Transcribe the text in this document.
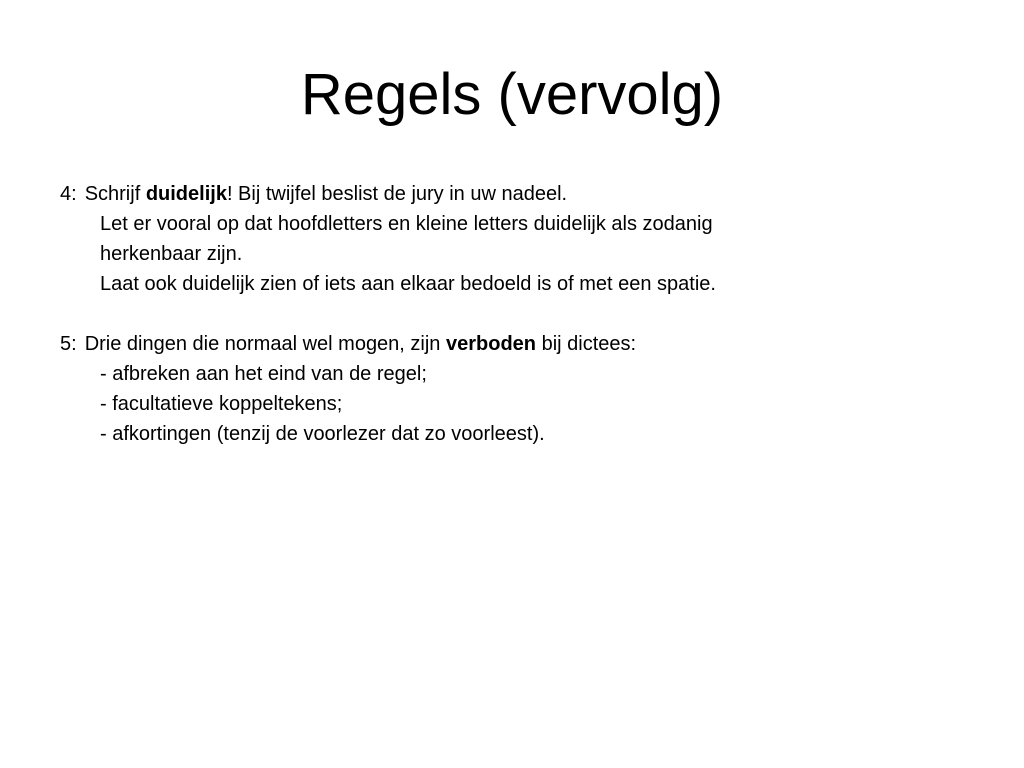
Regels (vervolg)
4: Schrijf duidelijk! Bij twijfel beslist de jury in uw nadeel.
Let er vooral op dat hoofdletters en kleine letters duidelijk als zodanig
herkenbaar zijn.
Laat ook duidelijk zien of iets aan elkaar bedoeld is of met een spatie.
5: Drie dingen die normaal wel mogen, zijn verboden bij dictees:
- afbreken aan het eind van de regel;
- facultatieve koppeltekens;
- afkortingen (tenzij de voorlezer dat zo voorleest).
